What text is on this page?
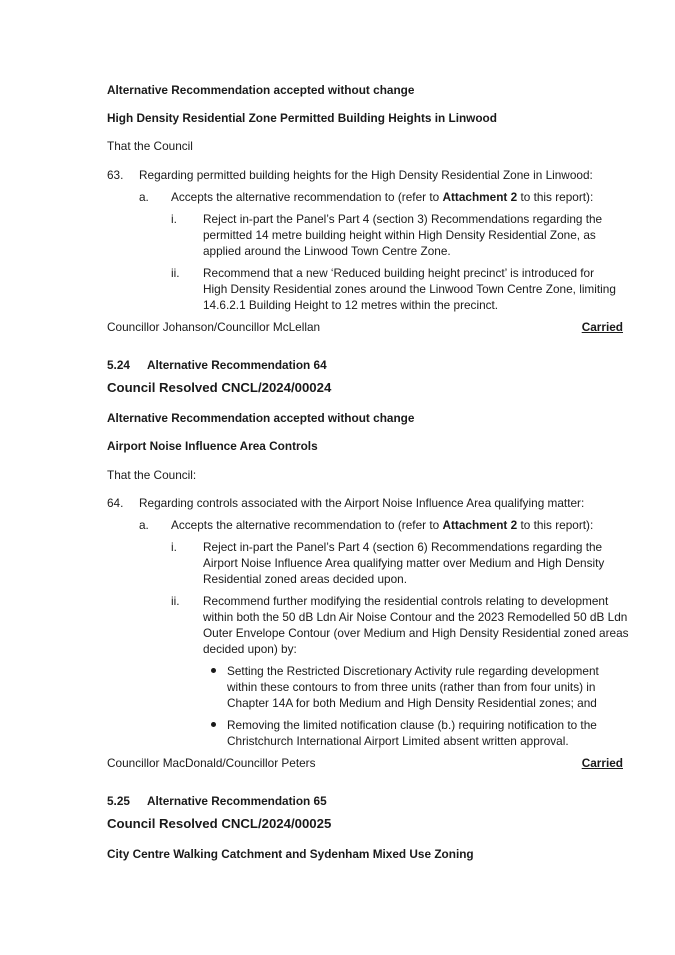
Alternative Recommendation accepted without change
High Density Residential Zone Permitted Building Heights in Linwood
That the Council
63. Regarding permitted building heights for the High Density Residential Zone in Linwood:
a. Accepts the alternative recommendation to (refer to Attachment 2 to this report):
i. Reject in-part the Panel’s Part 4 (section 3) Recommendations regarding the
permitted 14 metre building height within High Density Residential Zone, as
applied around the Linwood Town Centre Zone.
ii. Recommend that a new ‘Reduced building height precinct’ is introduced for
High Density Residential zones around the Linwood Town Centre Zone, limiting
14.6.2.1 Building Height to 12 metres within the precinct.
Councillor Johanson/Councillor McLellan	Carried
5.24 Alternative Recommendation 64
Council Resolved CNCL/2024/00024
Alternative Recommendation accepted without change
Airport Noise Influence Area Controls
That the Council:
64. Regarding controls associated with the Airport Noise Influence Area qualifying matter:
a. Accepts the alternative recommendation to (refer to Attachment 2 to this report):
i. Reject in-part the Panel’s Part 4 (section 6) Recommendations regarding the
Airport Noise Influence Area qualifying matter over Medium and High Density
Residential zoned areas decided upon.
ii. Recommend further modifying the residential controls relating to development
within both the 50 dB Ldn Air Noise Contour and the 2023 Remodelled 50 dB Ldn
Outer Envelope Contour (over Medium and High Density Residential zoned areas
decided upon) by:
Setting the Restricted Discretionary Activity rule regarding development
within these contours to from three units (rather than from four units) in
Chapter 14A for both Medium and High Density Residential zones; and
Removing the limited notification clause (b.) requiring notification to the
Christchurch International Airport Limited absent written approval.
Councillor MacDonald/Councillor Peters	Carried
5.25 Alternative Recommendation 65
Council Resolved CNCL/2024/00025
City Centre Walking Catchment and Sydenham Mixed Use Zoning
